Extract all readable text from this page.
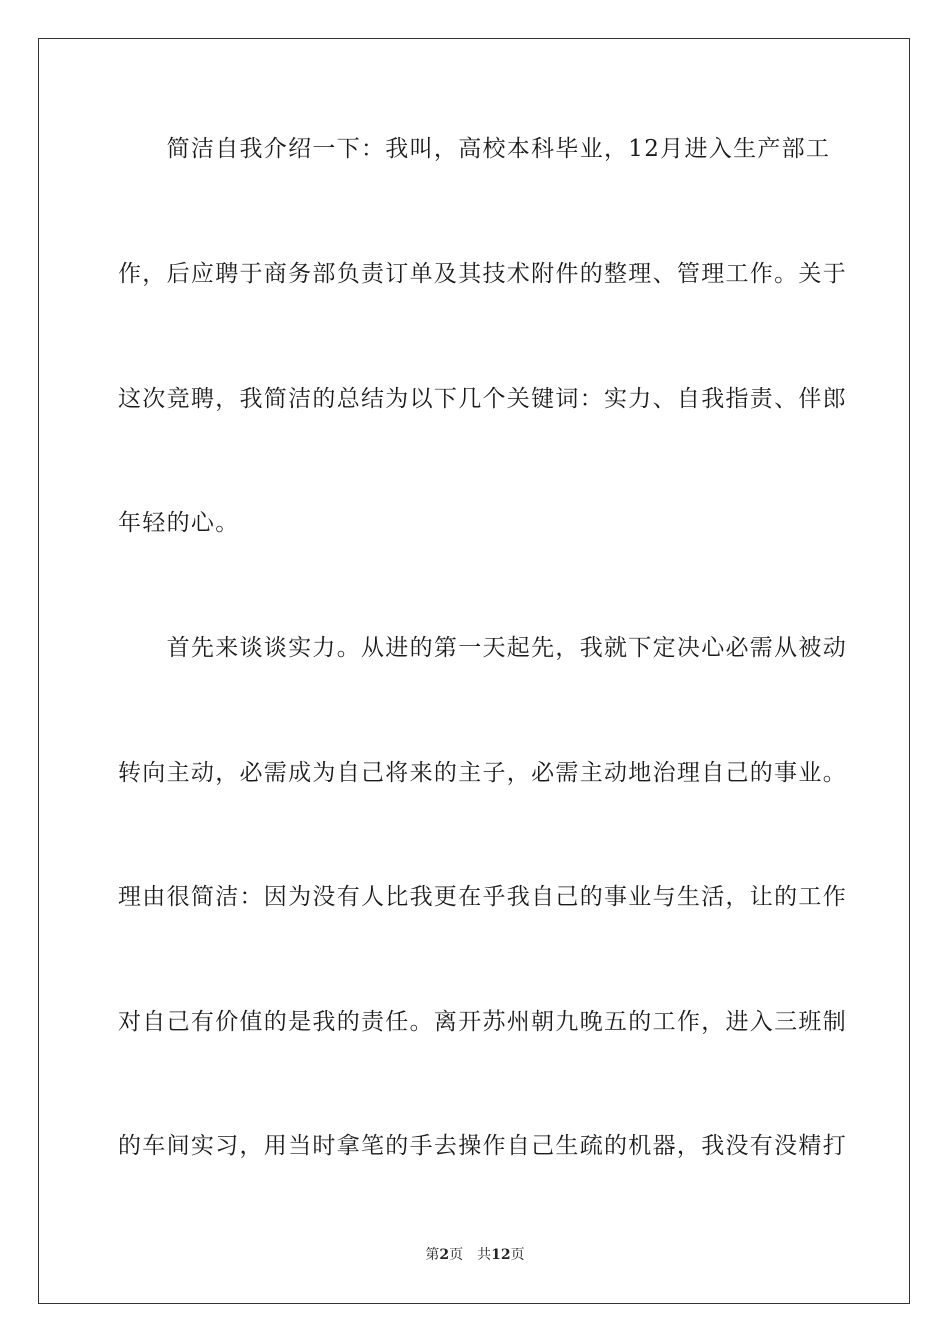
　　简洁自我介绍一下：我叫，高校本科毕业，12月进入生产部工
作，后应聘于商务部负责订单及其技术附件的整理、管理工作。关于
这次竞聘，我简洁的总结为以下几个关键词：实力、自我指责、伴郎
年轻的心。
　　首先来谈谈实力。从进的第一天起先，我就下定决心必需从被动
转向主动，必需成为自己将来的主子，必需主动地治理自己的事业。
理由很简洁：因为没有人比我更在乎我自己的事业与生活，让的工作
对自己有价值的是我的责任。离开苏州朝九晚五的工作，进入三班制
的车间实习，用当时拿笔的手去操作自己生疏的机器，我没有没精打
第2页 共12页
